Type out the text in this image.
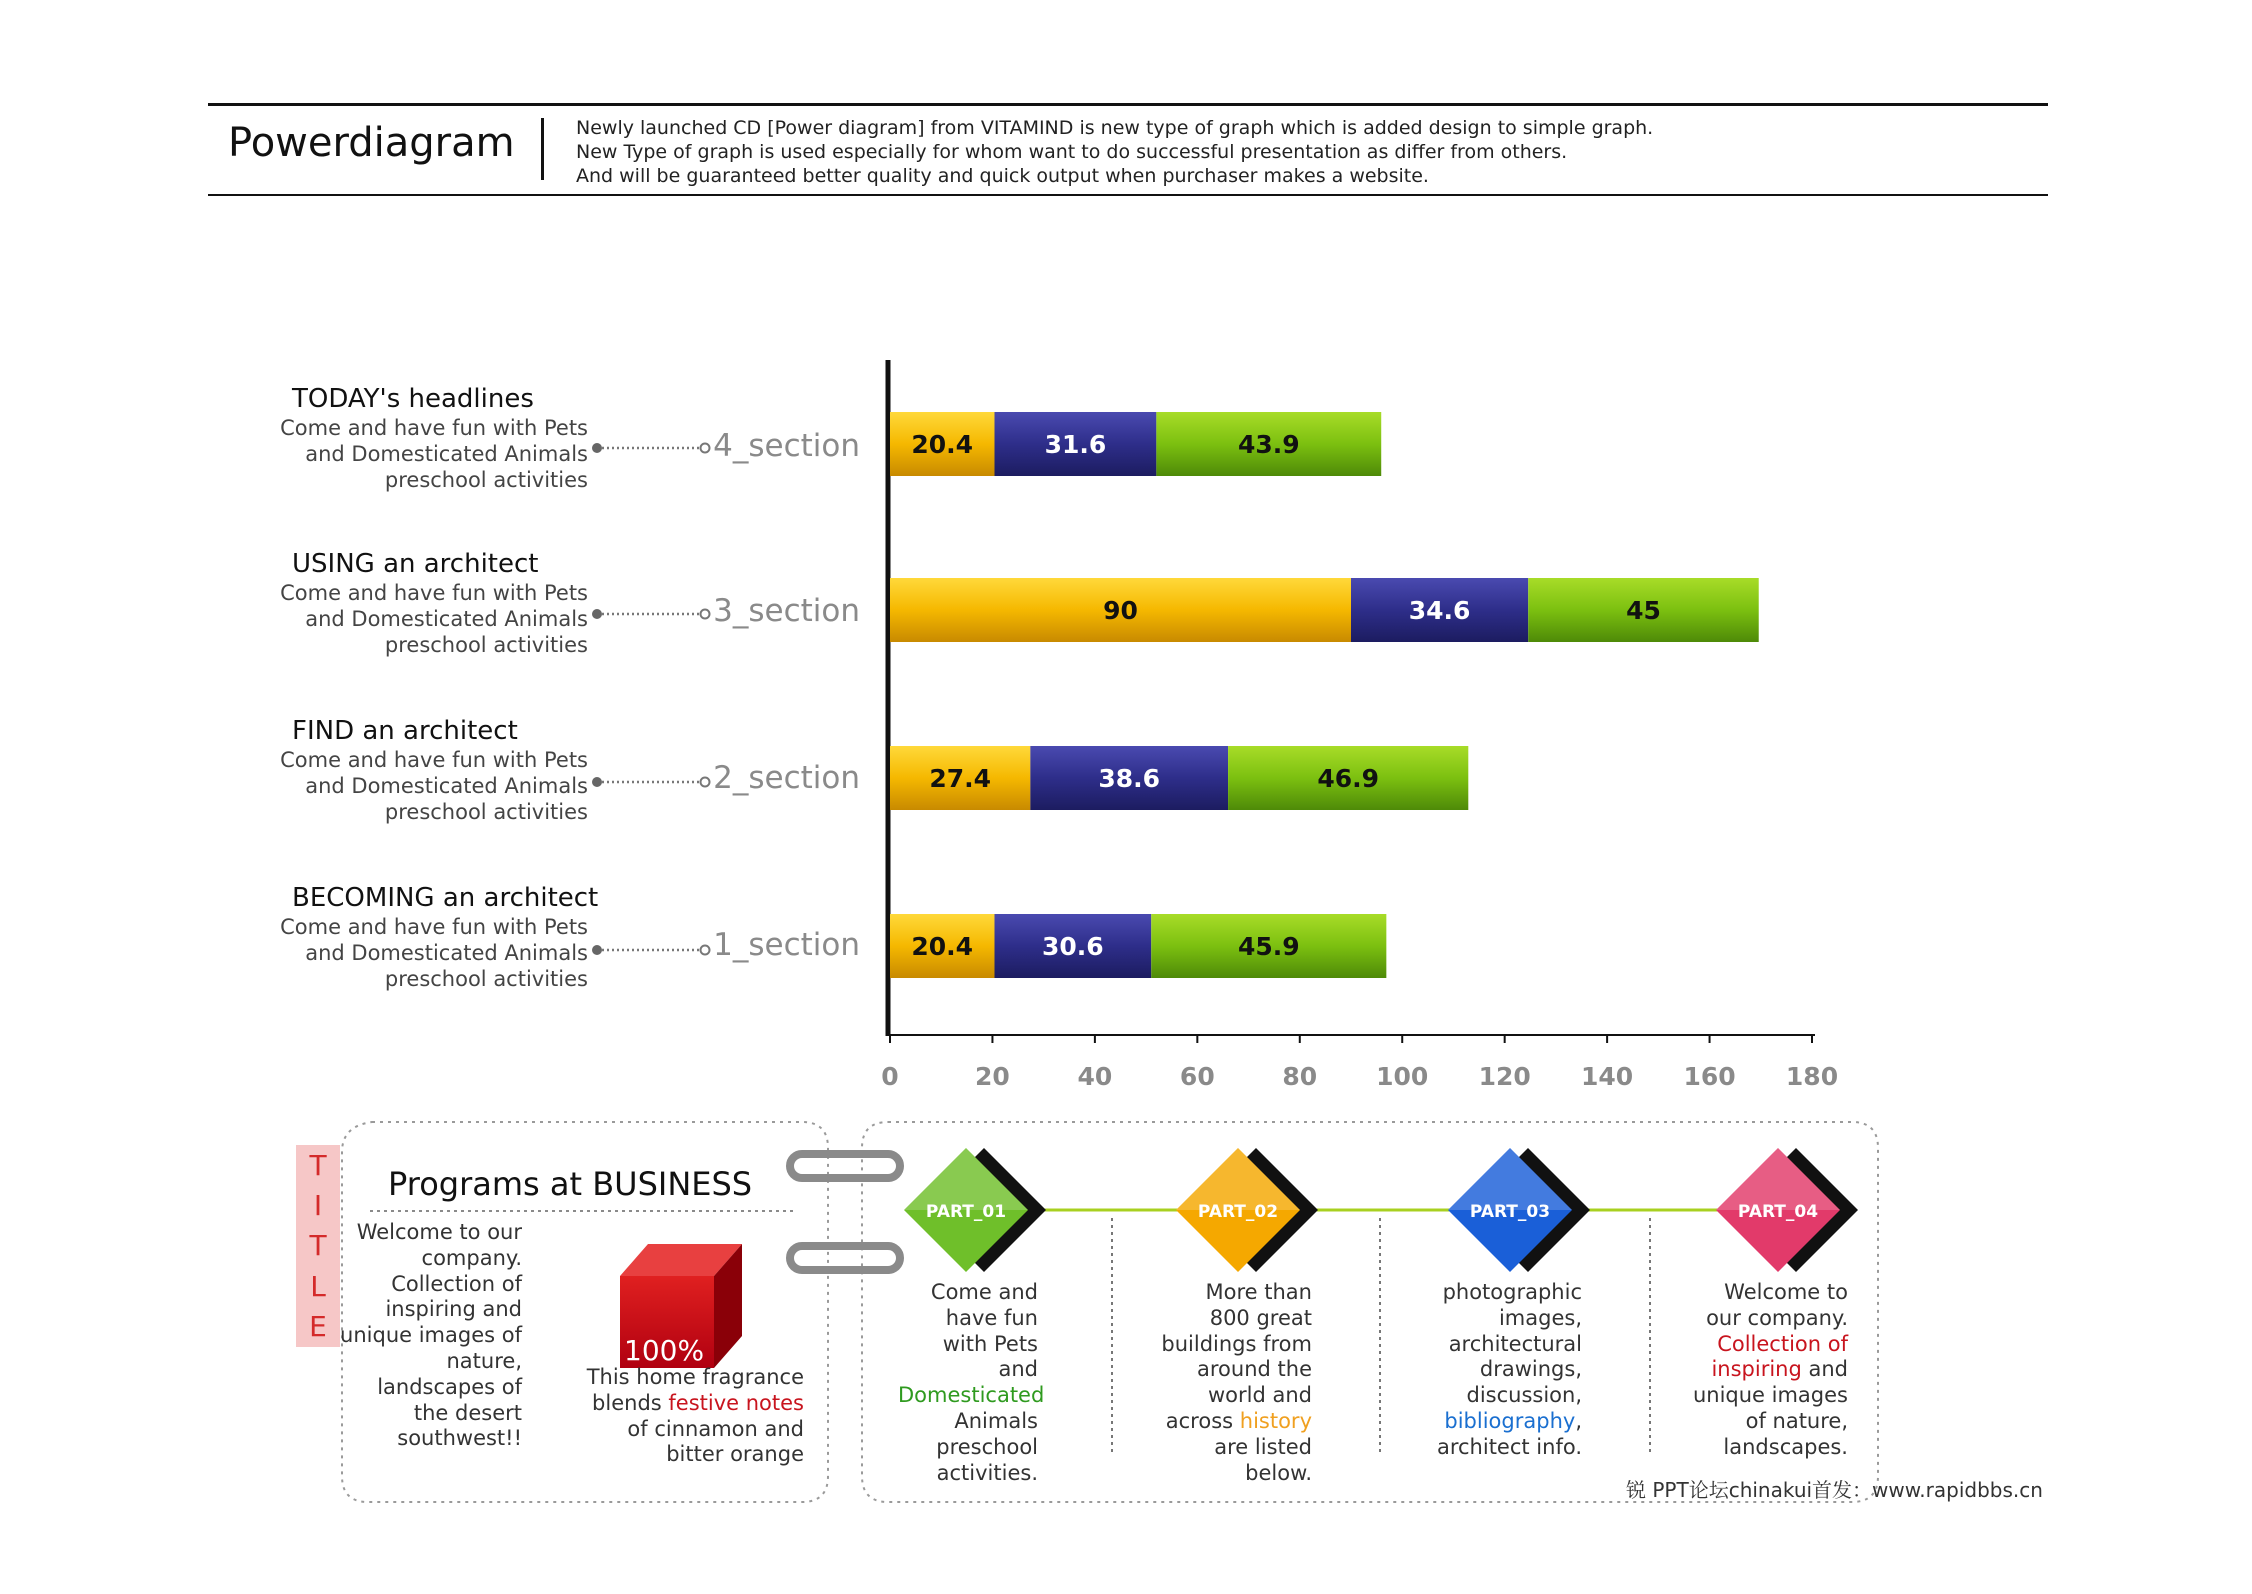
Powerdiagram	Newly launched CD [Power diagram] from VITAMIND is new type of graph which is added design to simple graph.
New Type of graph is used especially for whom want to do successful presentation as differ from others.
And will be guaranteed better quality and quick output when purchaser makes a website.
20.4	31.6	43.9
90	34.6	45
27.4	38.6	46.9
20.4	30.6	45.9
0	20	40	60	80 100 120 140 160 180
PART_01	PART_02	PART_03	PART_04
TODAY's headlines
Come and have fun with Pets and Domesticated Animals preschool activities
4_section
USING an architect
Come and have fun with Pets and Domesticated Animals preschool activities
3_section
FIND an architect
Come and have fun with Pets and Domesticated Animals preschool activities
2_section
BECOMING an architect
Come and have fun with Pets and Domesticated Animals preschool activities
1_section
T
I
T
L
E
Programs at BUSINESS
Welcome to our company. Collection of inspiring and unique images of nature, landscapes of the desert southwest!!
100%
This home fragrance blends festive notes of cinnamon and bitter orange
Come and have fun with Pets and Domesticated Animals preschool activities.
More than 800 great buildings from around the world and across history are listed below.
photographic images, architectural drawings, discussion, bibliography, architect info.
Welcome to our company. Collection of inspiring and unique images of nature, landscapes.
锐 PPT论坛chinakui首发：www.rapidbbs.cn
